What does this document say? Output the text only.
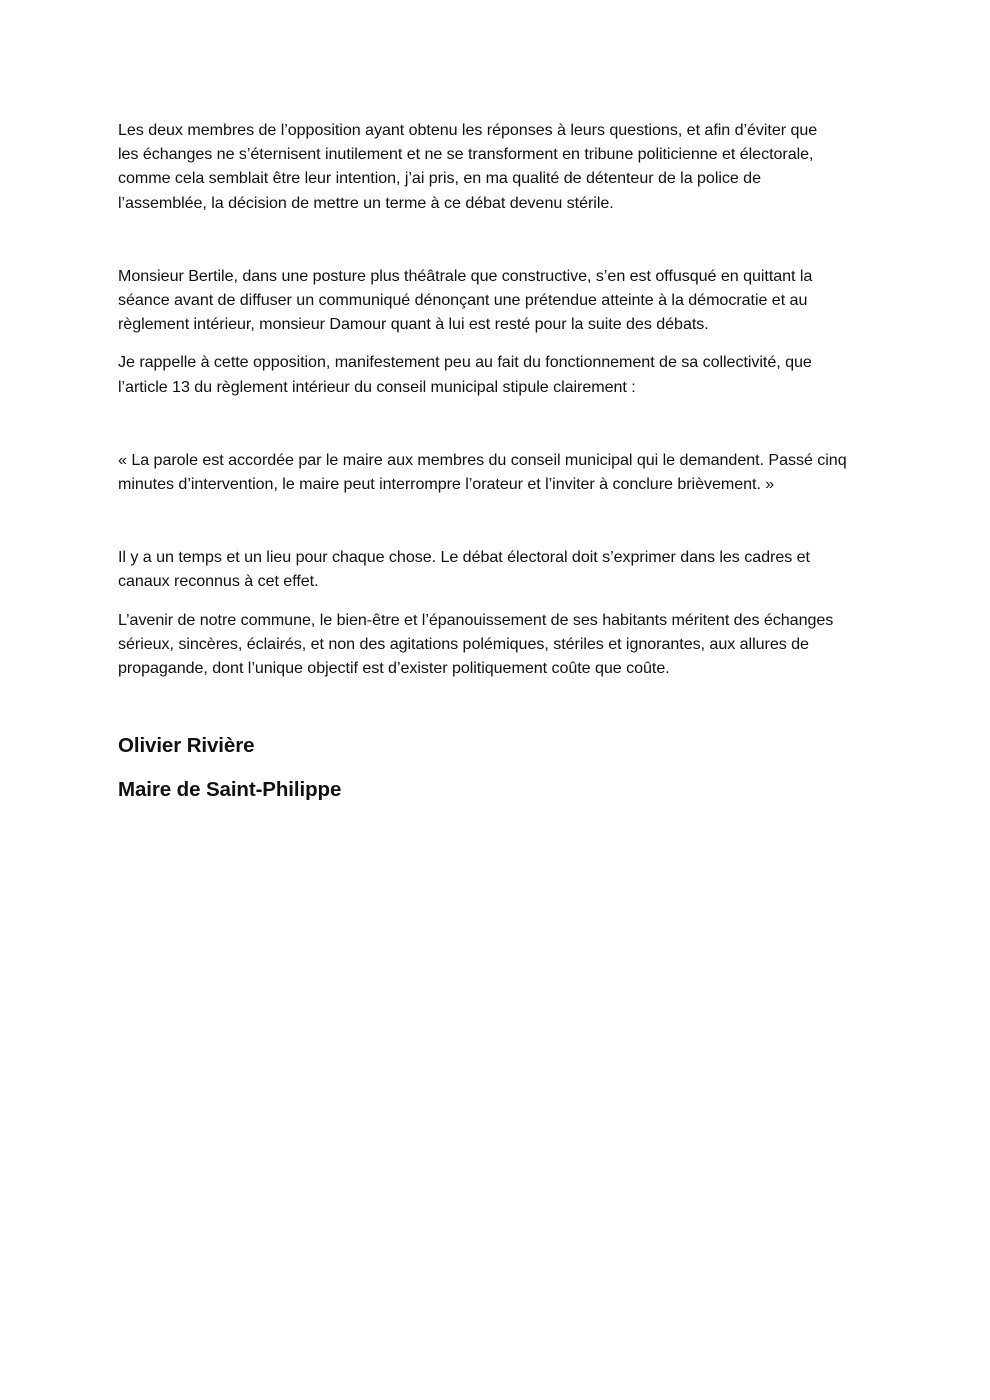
Les deux membres de l’opposition ayant obtenu les réponses à leurs questions, et afin d’éviter que
les échanges ne s’éternisent inutilement et ne se transforment en tribune politicienne et électorale,
comme cela semblait être leur intention, j’ai pris, en ma qualité de détenteur de la police de
l’assemblée, la décision de mettre un terme à ce débat devenu stérile.

Monsieur Bertile, dans une posture plus théâtrale que constructive, s’en est offusqué en quittant la
séance avant de diffuser un communiqué dénonçant une prétendue atteinte à la démocratie et au
règlement intérieur, monsieur Damour quant à lui est resté pour la suite des débats.

Je rappelle à cette opposition, manifestement peu au fait du fonctionnement de sa collectivité, que
l’article 13 du règlement intérieur du conseil municipal stipule clairement :

« La parole est accordée par le maire aux membres du conseil municipal qui le demandent. Passé cinq
minutes d’intervention, le maire peut interrompre l’orateur et l’inviter à conclure brièvement. »

Il y a un temps et un lieu pour chaque chose. Le débat électoral doit s’exprimer dans les cadres et
canaux reconnus à cet effet.

L’avenir de notre commune, le bien-être et l’épanouissement de ses habitants méritent des échanges
sérieux, sincères, éclairés, et non des agitations polémiques, stériles et ignorantes, aux allures de
propagande, dont l’unique objectif est d’exister politiquement coûte que coûte.

Olivier Rivière

Maire de Saint-Philippe
